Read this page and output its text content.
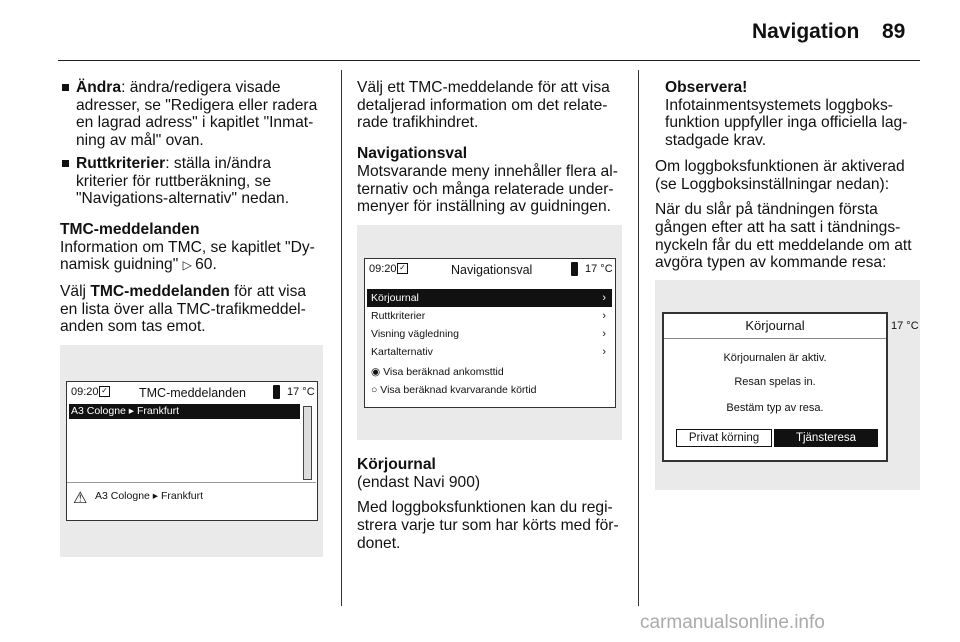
Navigation 89
Ändra: ändra/redigera visade adresser, se "Redigera eller radera en lagrad adress" i kapitlet "Inmat-ning av mål" ovan.
Ruttkriterier: ställa in/ändra kriterier för ruttberäkning, se "Navigations-alternativ" nedan.
TMC-meddelanden

Information om TMC, se kapitlet "Dy-namisk guidning" ▷ 60.

Välj TMC-meddelanden för att visa en lista över alla TMC-trafikmeddel-anden som tas emot.

09:20 ✓ TMC-meddelanden	17 °C
A3 Cologne ▸ Frankfurt
⚠ A3 Cologne ▸ Frankfurt

Välj ett TMC-meddelande för att visa detaljerad information om det relate-rade trafikhindret.

Navigationsval

Motsvarande meny innehåller flera al-ternativ och många relaterade under-menyer för inställning av guidningen.

09:20 ✓	Navigationsval	17 °C
Körjournal	›
Ruttkriterier	›
Visning vägledning	›
Kartalternativ	›
◉ Visa beräknad ankomsttid
○ Visa beräknad kvarvarande körtid
Körjournal
(endast Navi 900)

Med loggboksfunktionen kan du regi-strera varje tur som har körts med för-donet.

Observera!
Infotainmentsystemets loggboks-funktion uppfyller inga officiella lag-stadgade krav.

Om loggboksfunktionen är aktiverad (se Loggboksinställningar nedan):

När du slår på tändningen första gången efter att ha satt i tändnings-nyckeln får du ett meddelande om att avgöra typen av kommande resa:

Körjournal
Körjournalen är aktiv.
Resan spelas in.
Bestäm typ av resa.
Privat körning	Tjänsteresa
17 °C
carmanualsonline.info
